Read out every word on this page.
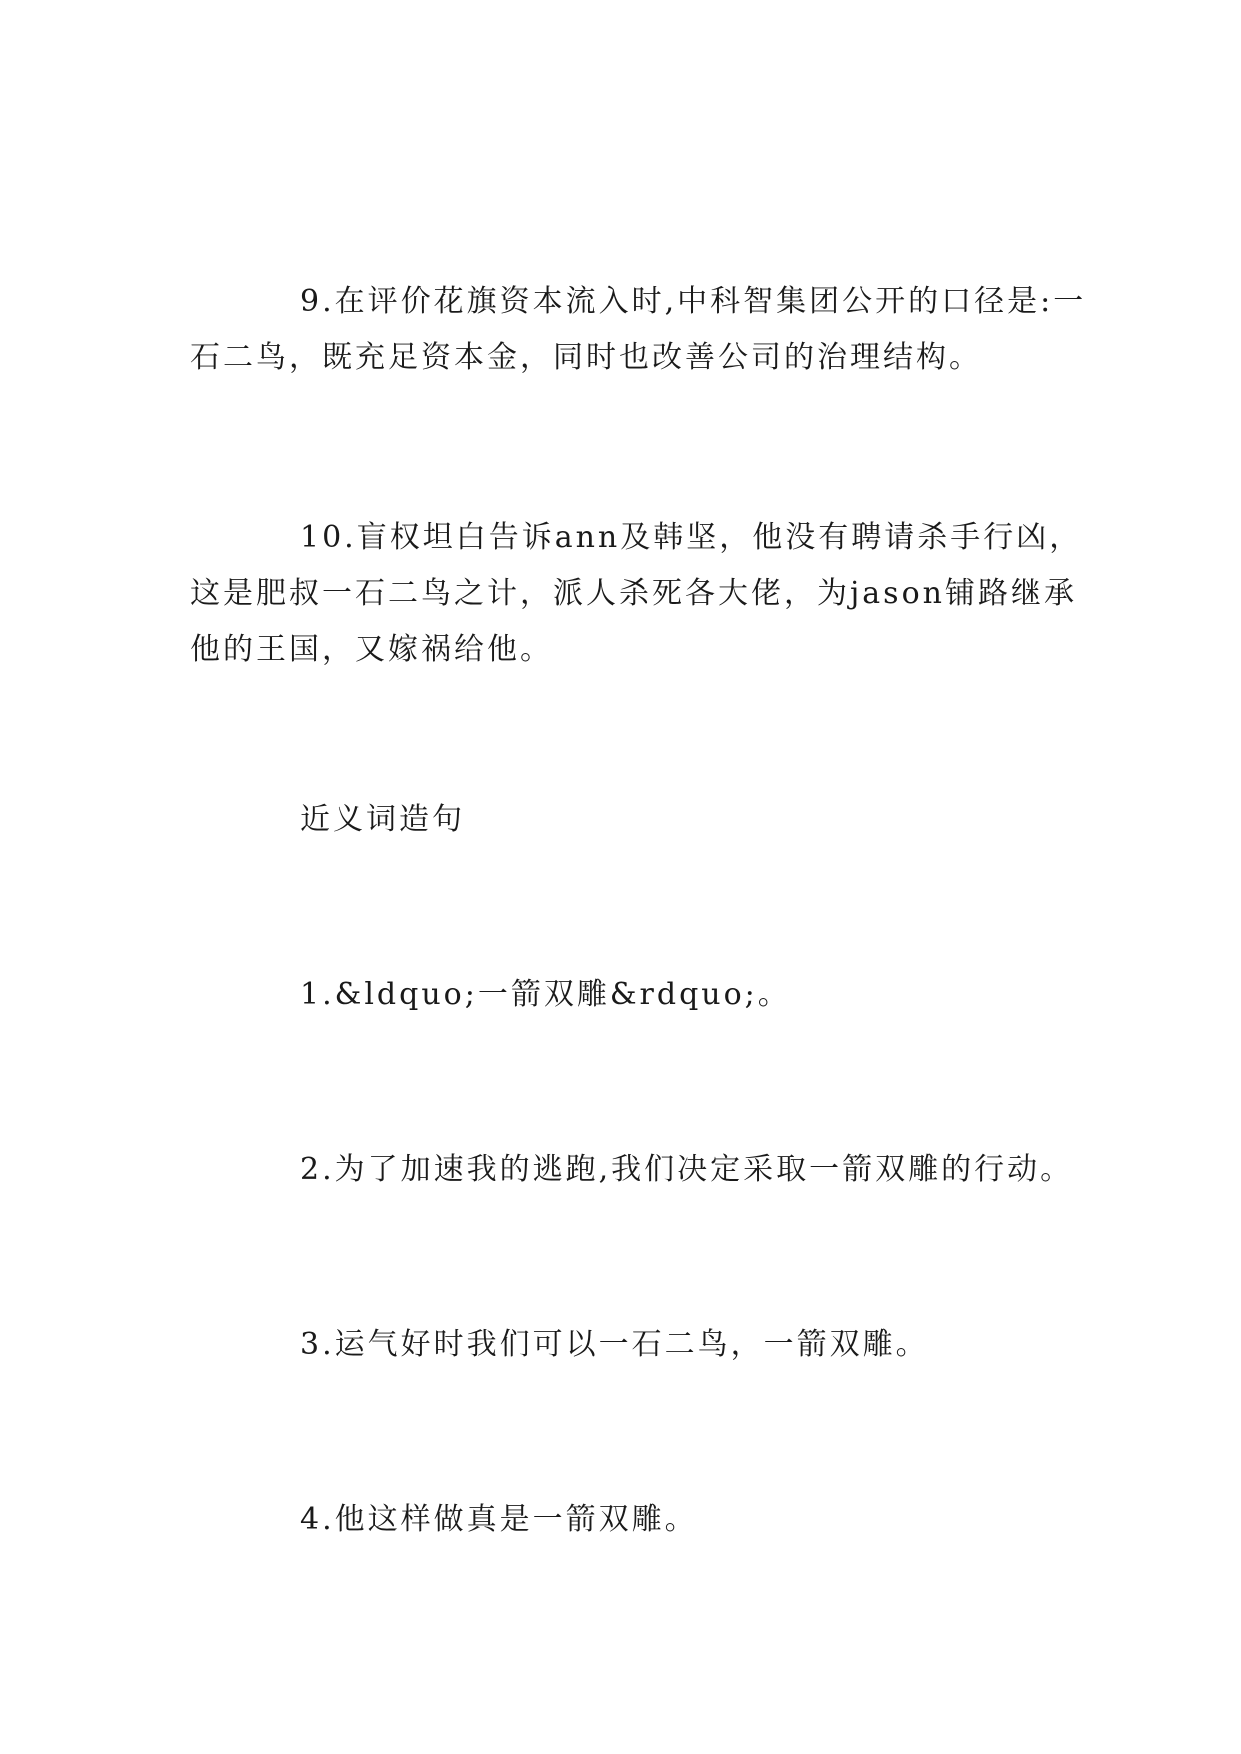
9.在评价花旗资本流入时,中科智集团公开的口径是:一石二鸟，既充足资本金，同时也改善公司的治理结构。

10.盲权坦白告诉ann及韩坚，他没有聘请杀手行凶，这是肥叔一石二鸟之计，派人杀死各大佬，为jason铺路继承他的王国，又嫁祸给他。

近义词造句

1.&ldquo;一箭双雕&rdquo;。

2.为了加速我的逃跑,我们决定采取一箭双雕的行动。

3.运气好时我们可以一石二鸟，一箭双雕。

4.他这样做真是一箭双雕。
